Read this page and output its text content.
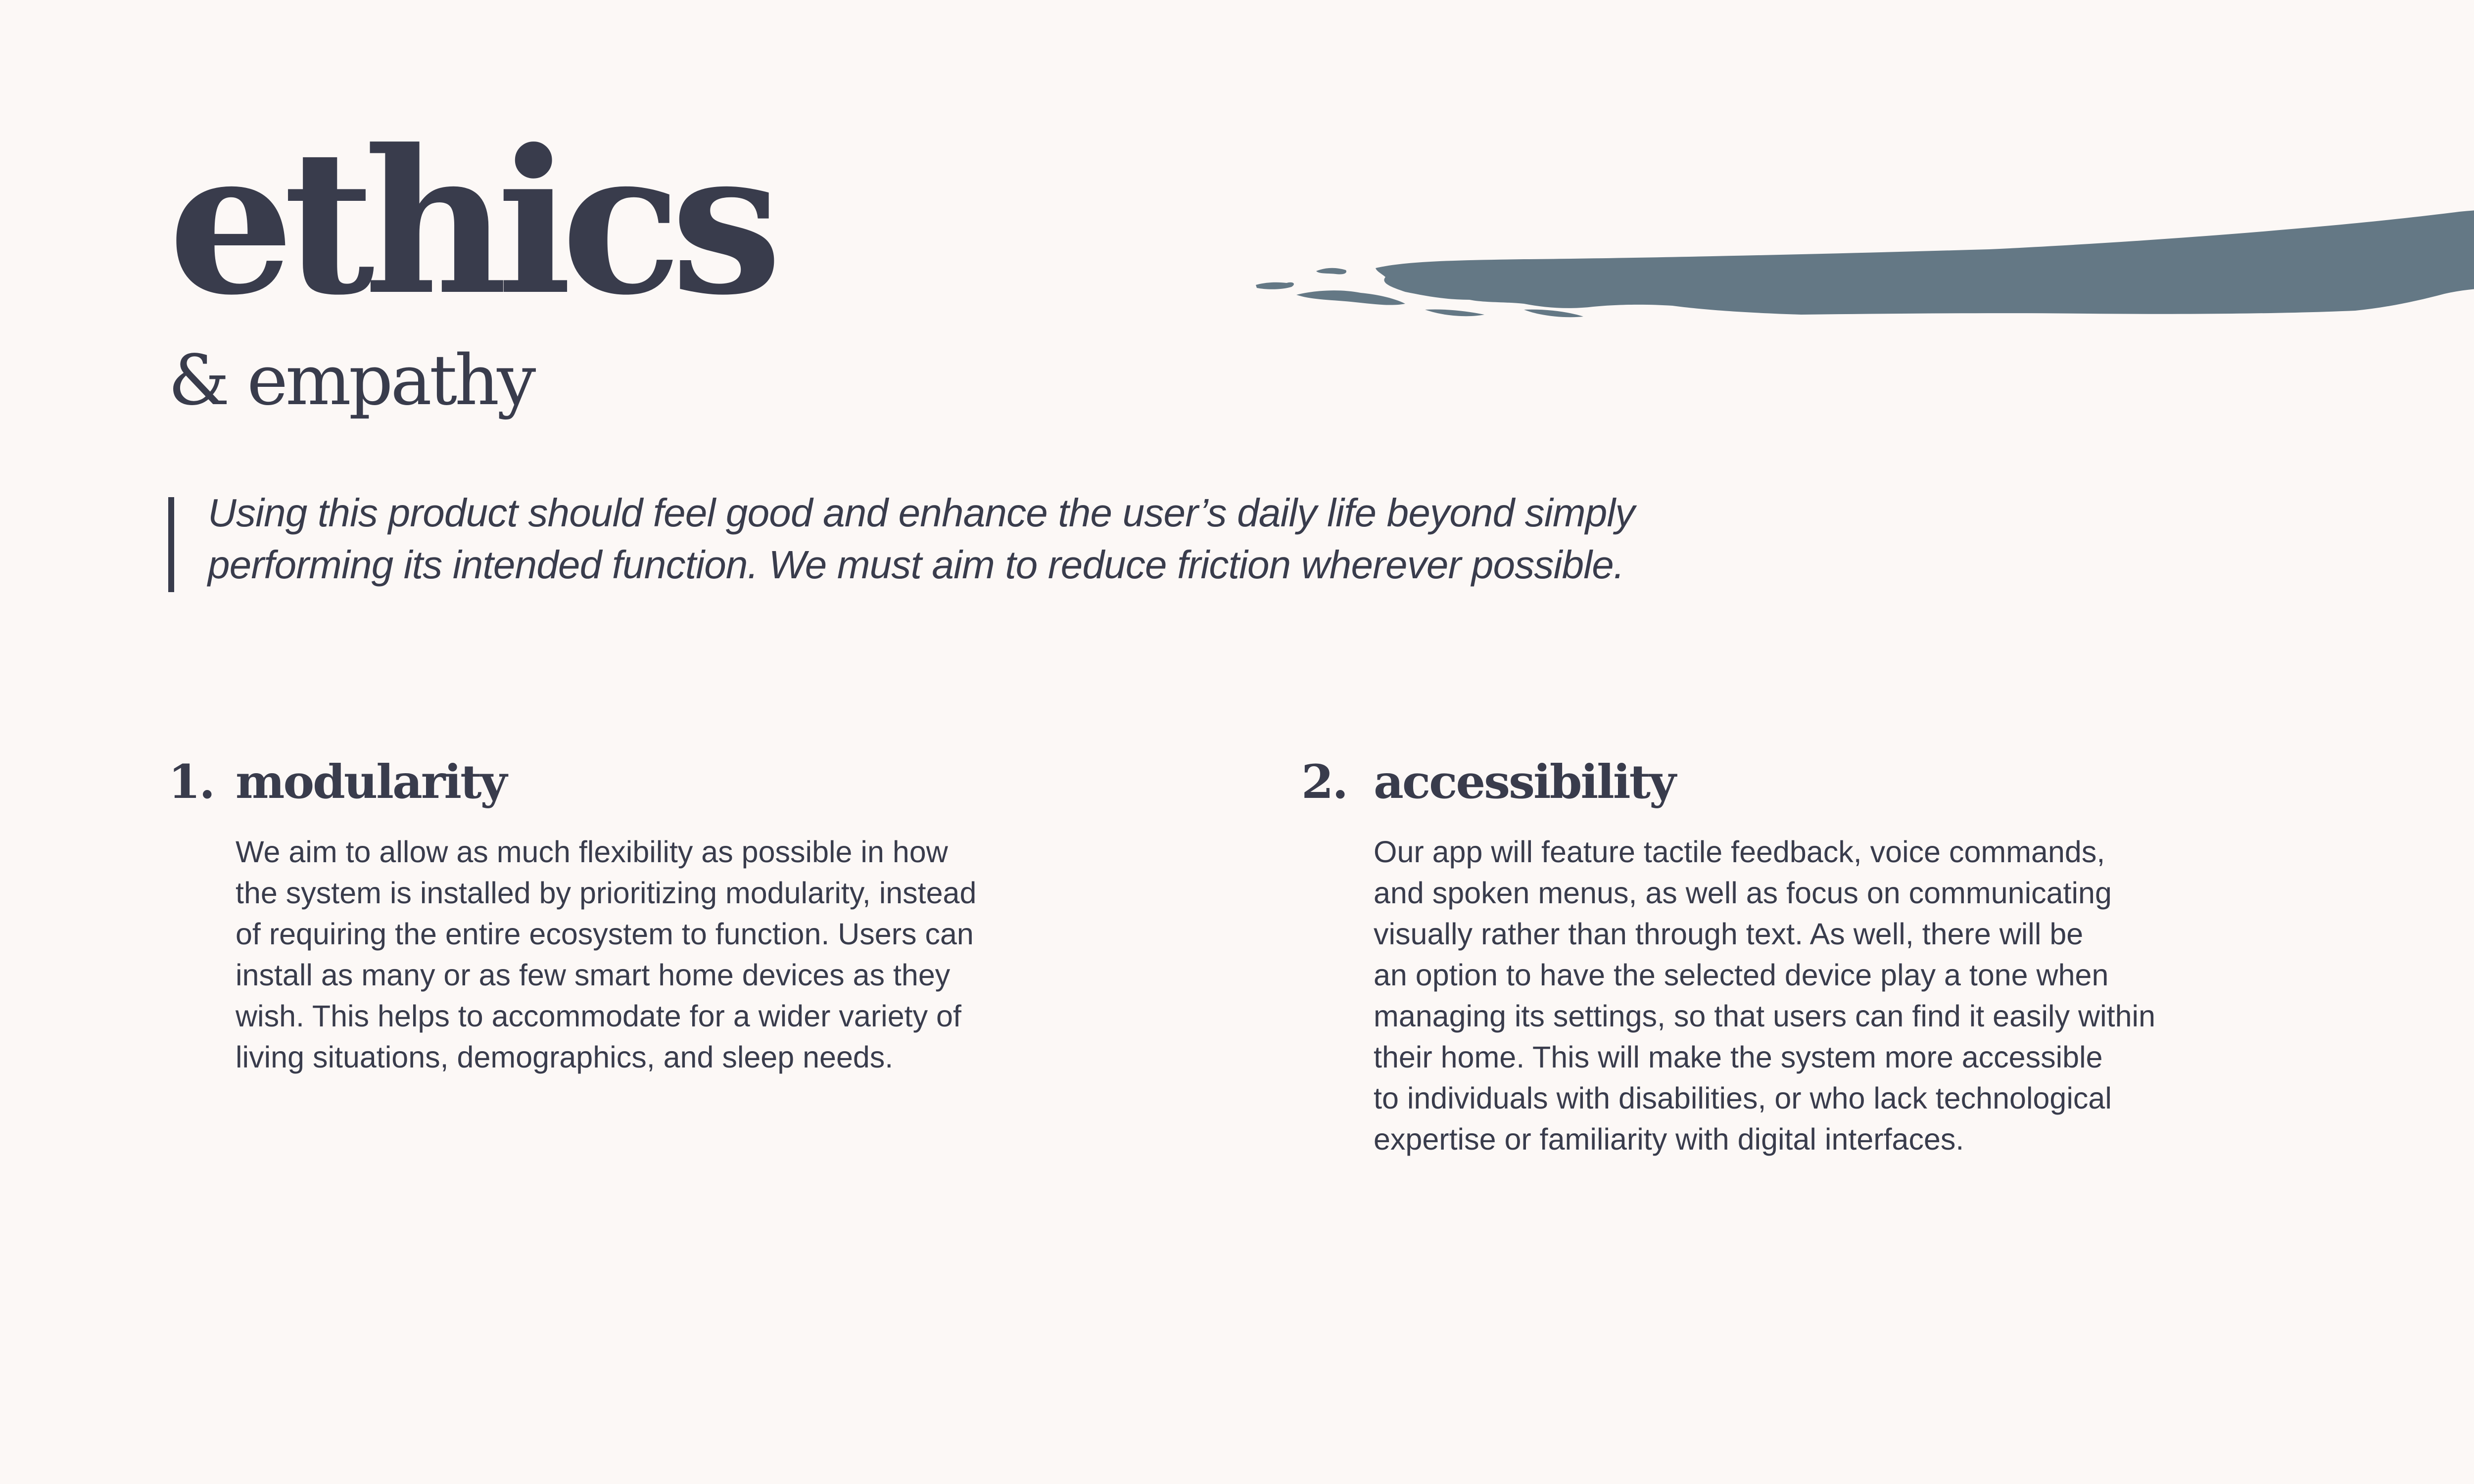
ethics
& empathy
Using this product should feel good and enhance the user’s daily life beyond simply
performing its intended function. We must aim to reduce friction wherever possible.
1. modularity

We aim to allow as much flexibility as possible in how
the system is installed by prioritizing modularity, instead
of requiring the entire ecosystem to function. Users can
install as many or as few smart home devices as they
wish. This helps to accommodate for a wider variety of
living situations, demographics, and sleep needs.

2. accessibility

Our app will feature tactile feedback, voice commands,
and spoken menus, as well as focus on communicating
visually rather than through text. As well, there will be
an option to have the selected device play a tone when
managing its settings, so that users can find it easily within
their home. This will make the system more accessible
to individuals with disabilities, or who lack technological
expertise or familiarity with digital interfaces.
